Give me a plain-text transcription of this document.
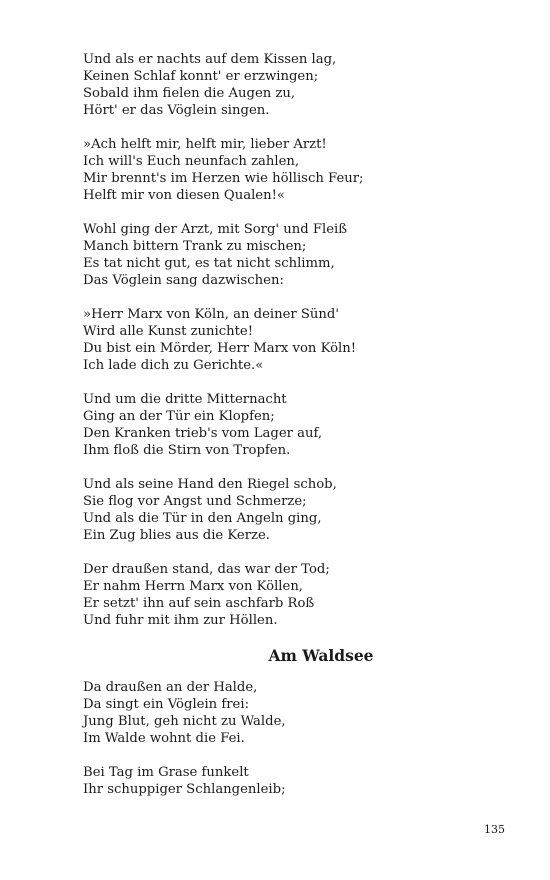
Und als er nachts auf dem Kissen lag,
Keinen Schlaf konnt' er erzwingen;
Sobald ihm fielen die Augen zu,
Hört' er das Vöglein singen.
»Ach helft mir, helft mir, lieber Arzt!
Ich will's Euch neunfach zahlen,
Mir brennt's im Herzen wie höllisch Feur;
Helft mir von diesen Qualen!«
Wohl ging der Arzt, mit Sorg' und Fleiß
Manch bittern Trank zu mischen;
Es tat nicht gut, es tat nicht schlimm,
Das Vöglein sang dazwischen:
»Herr Marx von Köln, an deiner Sünd'
Wird alle Kunst zunichte!
Du bist ein Mörder, Herr Marx von Köln!
Ich lade dich zu Gerichte.«
Und um die dritte Mitternacht
Ging an der Tür ein Klopfen;
Den Kranken trieb's vom Lager auf,
Ihm floß die Stirn von Tropfen.
Und als seine Hand den Riegel schob,
Sie flog vor Angst und Schmerze;
Und als die Tür in den Angeln ging,
Ein Zug blies aus die Kerze.
Der draußen stand, das war der Tod;
Er nahm Herrn Marx von Köllen,
Er setzt' ihn auf sein aschfarb Roß
Und fuhr mit ihm zur Höllen.
Am Waldsee
Da draußen an der Halde,
Da singt ein Vöglein frei:
Jung Blut, geh nicht zu Walde,
Im Walde wohnt die Fei.
Bei Tag im Grase funkelt
Ihr schuppiger Schlangenleib;
135
